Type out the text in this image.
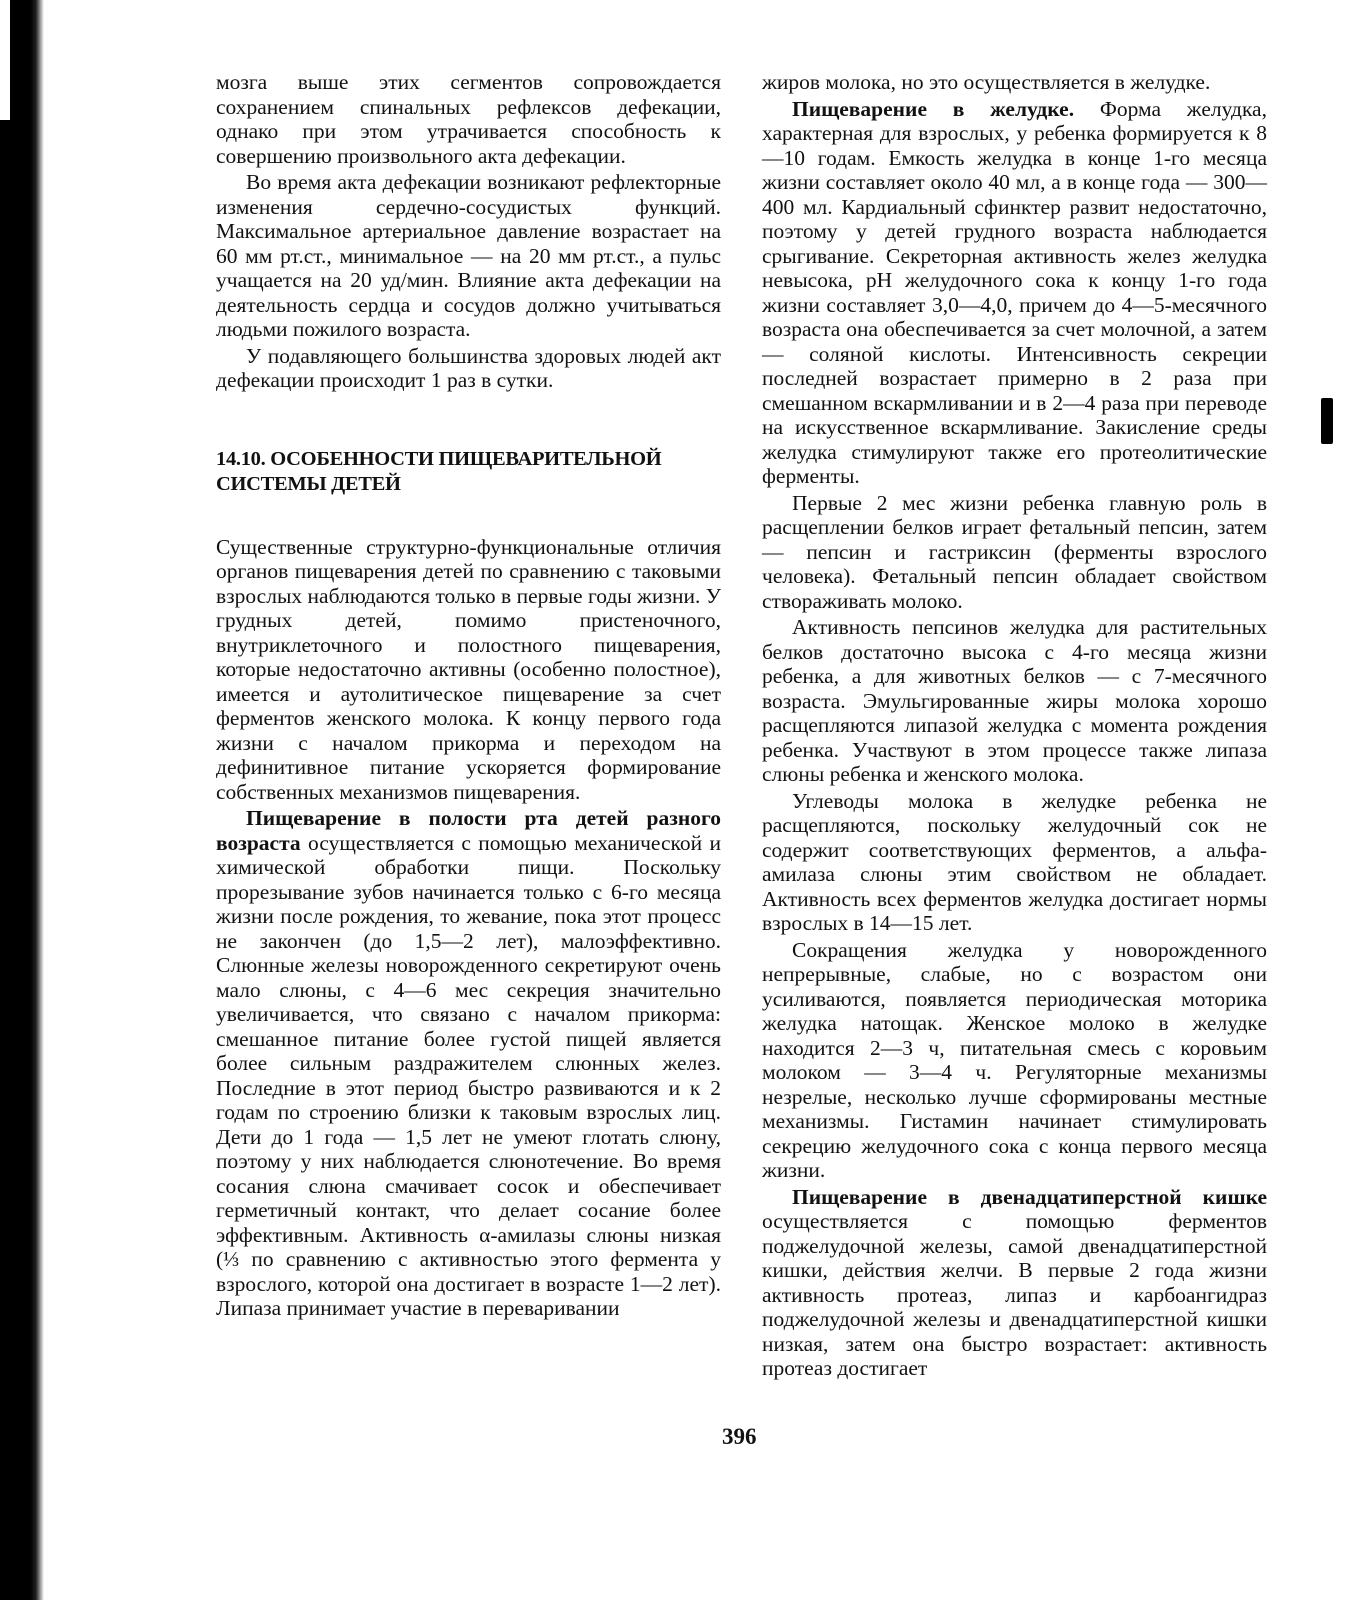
мозга выше этих сегментов сопровождается сохранением спинальных рефлексов дефекации, однако при этом утрачивается способность к совершению произвольного акта дефекации.

Во время акта дефекации возникают рефлекторные изменения сердечно-сосудистых функций. Максимальное артериальное давление возрастает на 60 мм рт.ст., минимальное — на 20 мм рт.ст., а пульс учащается на 20 уд/мин. Влияние акта дефекации на деятельность сердца и сосудов должно учитываться людьми пожилого возраста.

У подавляющего большинства здоровых людей акт дефекации происходит 1 раз в сутки.

14.10. ОСОБЕННОСТИ ПИЩЕВАРИТЕЛЬНОЙ
СИСТЕМЫ ДЕТЕЙ

Существенные структурно-функциональные отличия органов пищеварения детей по сравнению с таковыми взрослых наблюдаются только в первые годы жизни. У грудных детей, помимо пристеночного, внутриклеточного и полостного пищеварения, которые недостаточно активны (особенно полостное), имеется и аутолитическое пищеварение за счет ферментов женского молока. К концу первого года жизни с началом прикорма и переходом на дефинитивное питание ускоряется формирование собственных механизмов пищеварения.

Пищеварение в полости рта детей разного возраста осуществляется с помощью механической и химической обработки пищи. Поскольку прорезывание зубов начинается только с 6-го месяца жизни после рождения, то жевание, пока этот процесс не закончен (до 1,5—2 лет), малоэффективно. Слюнные железы новорожденного секретируют очень мало слюны, с 4—6 мес секреция значительно увеличивается, что связано с началом прикорма: смешанное питание более густой пищей является более сильным раздражителем слюнных желез. Последние в этот период быстро развиваются и к 2 годам по строению близки к таковым взрослых лиц. Дети до 1 года — 1,5 лет не умеют глотать слюну, поэтому у них наблюдается слюнотечение. Во время сосания слюна смачивает сосок и обеспечивает герметичный контакт, что делает сосание более эффективным. Активность α-амилазы слюны низкая (⅓ по сравнению с активностью этого фермента у взрослого, которой она достигает в возрасте 1—2 лет). Липаза принимает участие в переваривании

жиров молока, но это осуществляется в желудке.

Пищеварение в желудке. Форма желудка, характерная для взрослых, у ребенка формируется к 8—10 годам. Емкость желудка в конце 1-го месяца жизни составляет около 40 мл, а в конце года — 300—400 мл. Кардиальный сфинктер развит недостаточно, поэтому у детей грудного возраста наблюдается срыгивание. Секреторная активность желез желудка невысока, pH желудочного сока к концу 1-го года жизни составляет 3,0—4,0, причем до 4—5-месячного возраста она обеспечивается за счет молочной, а затем — соляной кислоты. Интенсивность секреции последней возрастает примерно в 2 раза при смешанном вскармливании и в 2—4 раза при переводе на искусственное вскармливание. Закисление среды желудка стимулируют также его протеолитические ферменты.

Первые 2 мес жизни ребенка главную роль в расщеплении белков играет фетальный пепсин, затем — пепсин и гастриксин (ферменты взрослого человека). Фетальный пепсин обладает свойством створаживать молоко.

Активность пепсинов желудка для растительных белков достаточно высока с 4-го месяца жизни ребенка, а для животных белков — с 7-месячного возраста. Эмульгированные жиры молока хорошо расщепляются липазой желудка с момента рождения ребенка. Участвуют в этом процессе также липаза слюны ребенка и женского молока.

Углеводы молока в желудке ребенка не расщепляются, поскольку желудочный сок не содержит соответствующих ферментов, а альфа-амилаза слюны этим свойством не обладает. Активность всех ферментов желудка достигает нормы взрослых в 14—15 лет.

Сокращения желудка у новорожденного непрерывные, слабые, но с возрастом они усиливаются, появляется периодическая моторика желудка натощак. Женское молоко в желудке находится 2—3 ч, питательная смесь с коровьим молоком — 3—4 ч. Регуляторные механизмы незрелые, несколько лучше сформированы местные механизмы. Гистамин начинает стимулировать секрецию желудочного сока с конца первого месяца жизни.

Пищеварение в двенадцатиперстной кишке осуществляется с помощью ферментов поджелудочной железы, самой двенадцатиперстной кишки, действия желчи. В первые 2 года жизни активность протеаз, липаз и карбоангидраз поджелудочной железы и двенадцатиперстной кишки низкая, затем она быстро возрастает: активность протеаз достигает

396
